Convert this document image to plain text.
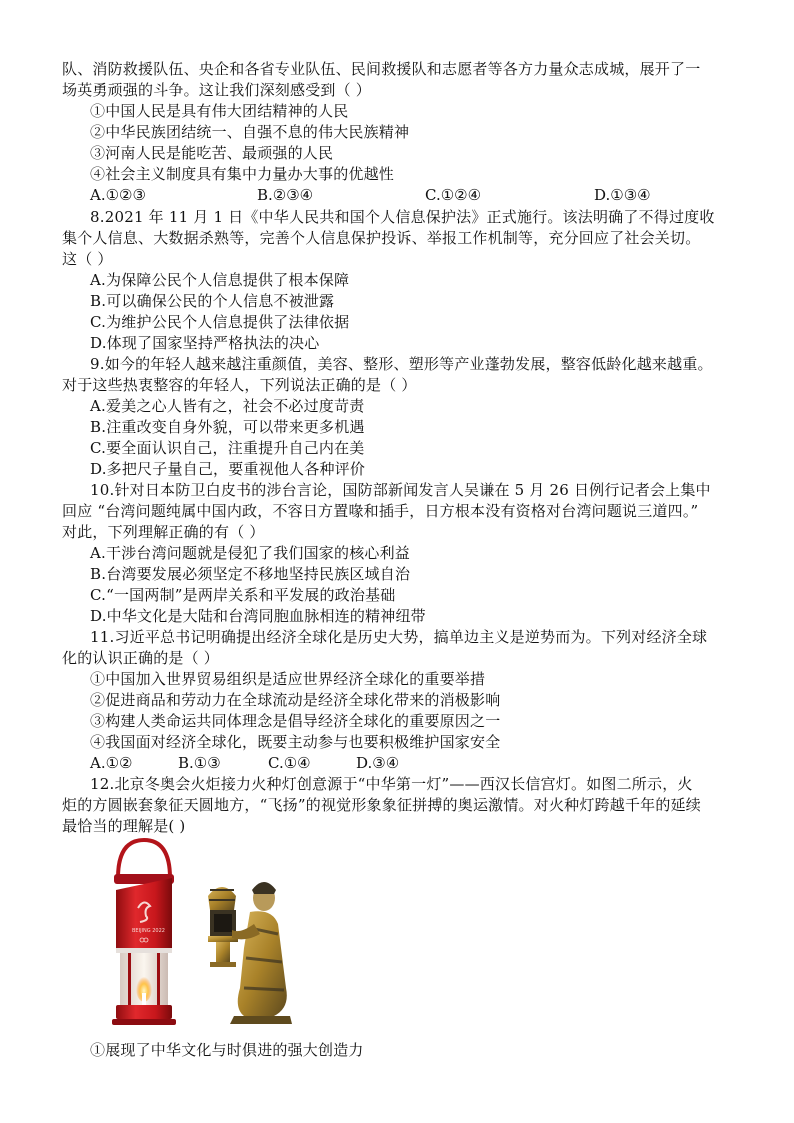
队、消防救援队伍、央企和各省专业队伍、民间救援队和志愿者等各方力量众志成城，展开了一
场英勇顽强的斗争。这让我们深刻感受到（ ）
①中国人民是具有伟大团结精神的人民
②中华民族团结统一、自强不息的伟大民族精神
③河南人民是能吃苦、最顽强的人民
④社会主义制度具有集中力量办大事的优越性
A.①②③	B.②③④	C.①②④	D.①③④
8.2021 年 11 月 1 日《中华人民共和国个人信息保护法》正式施行。该法明确了不得过度收
集个人信息、大数据杀熟等，完善个人信息保护投诉、举报工作机制等，充分回应了社会关切。
这（ ）
A.为保障公民个人信息提供了根本保障
B.可以确保公民的个人信息不被泄露
C.为维护公民个人信息提供了法律依据
D.体现了国家坚持严格执法的决心
9.如今的年轻人越来越注重颜值，美容、整形、塑形等产业蓬勃发展，整容低龄化越来越重。
对于这些热衷整容的年轻人，下列说法正确的是（ ）
A.爱美之心人皆有之，社会不必过度苛责
B.注重改变自身外貌，可以带来更多机遇
C.要全面认识自己，注重提升自己内在美
D.多把尺子量自己，要重视他人各种评价
10.针对日本防卫白皮书的涉台言论，国防部新闻发言人吴谦在 5 月 26 日例行记者会上集中
回应 “台湾问题纯属中国内政，不容日方置喙和插手，日方根本没有资格对台湾问题说三道四。”
对此，下列理解正确的有（ ）
A.干涉台湾问题就是侵犯了我们国家的核心利益
B.台湾要发展必须坚定不移地坚持民族区域自治
C.“一国两制”是两岸关系和平发展的政治基础
D.中华文化是大陆和台湾同胞血脉相连的精神纽带
11.习近平总书记明确提出经济全球化是历史大势，搞单边主义是逆势而为。下列对经济全球
化的认识正确的是（ ）
①中国加入世界贸易组织是适应世界经济全球化的重要举措
②促进商品和劳动力在全球流动是经济全球化带来的消极影响
③构建人类命运共同体理念是倡导经济全球化的重要原因之一
④我国面对经济全球化，既要主动参与也要积极维护国家安全
A.①②	B.①③	C.①④	D.③④
12.北京冬奥会火炬接力火种灯创意源于“中华第一灯”——西汉长信宫灯。如图二所示，火
炬的方圆嵌套象征天圆地方，“飞扬”的视觉形象象征拼搏的奥运激情。对火种灯跨越千年的延续
最恰当的理解是( )
BEIJING 2022
①展现了中华文化与时俱进的强大创造力
